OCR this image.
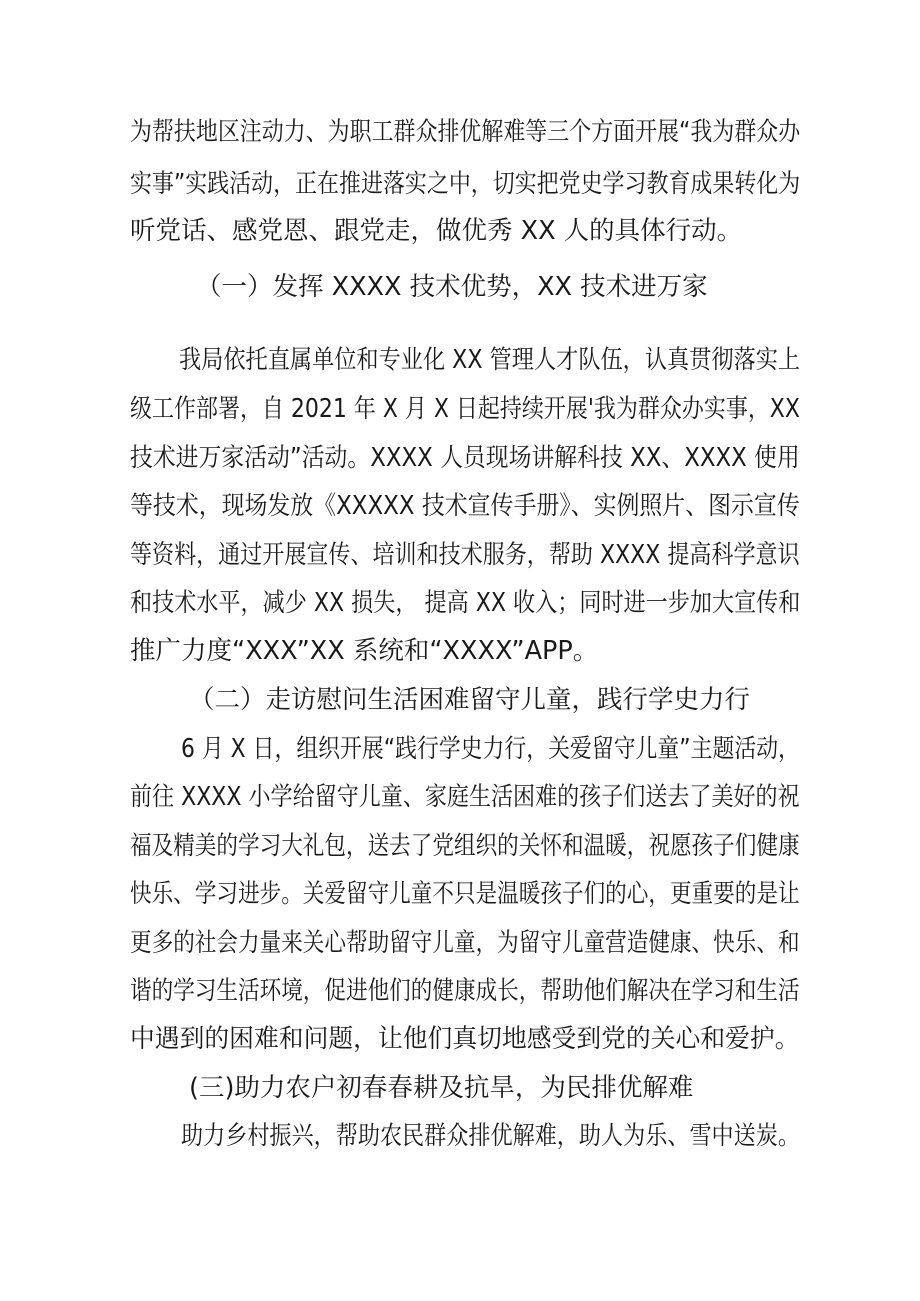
为帮扶地区注动力、为职工群众排优解难等三个方面开展“我为群众办
实事”实践活动，正在推进落实之中，切实把党史学习教育成果转化为
听党话、感党恩、跟党走，做优秀 XX 人的具体行动。
（一）发挥 XXXX 技术优势，XX 技术进万家
我局依托直属单位和专业化 XX 管理人才队伍，认真贯彻落实上
级工作部署，自 2021 年 X 月 X 日起持续开展'我为群众办实事，XX
技术进万家活动”活动。XXXX 人员现场讲解科技 XX、XXXX 使用
等技术，现场发放《XXXXX 技术宣传手册》、实例照片、图示宣传
等资料，通过开展宣传、培训和技术服务，帮助 XXXX 提高科学意识
和技术水平，减少 XX 损失， 提高 XX 收入；同时进一步加大宣传和
推广力度“XXX”XX 系统和“XXXX”APP。
（二）走访慰问生活困难留守儿童，践行学史力行
6 月 X 日，组织开展“践行学史力行，关爱留守儿童”主题活动，
前往 XXXX 小学给留守儿童、家庭生活困难的孩子们送去了美好的祝
福及精美的学习大礼包，送去了党组织的关怀和温暖，祝愿孩子们健康
快乐、学习进步。关爱留守儿童不只是温暖孩子们的心，更重要的是让
更多的社会力量来关心帮助留守儿童，为留守儿童营造健康、快乐、和
谐的学习生活环境，促进他们的健康成长，帮助他们解决在学习和生活
中遇到的困难和问题，让他们真切地感受到党的关心和爱护。
(三)助力农户初春春耕及抗旱，为民排优解难
助力乡村振兴，帮助农民群众排优解难，助人为乐、雪中送炭。
